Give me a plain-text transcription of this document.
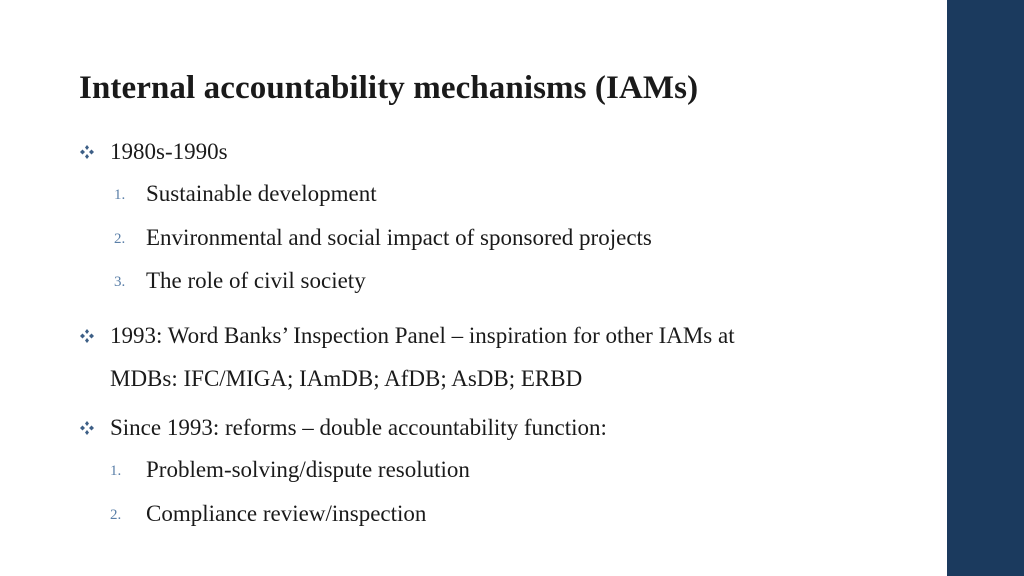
Internal accountability mechanisms (IAMs)
1980s-1990s
1. Sustainable development
2. Environmental and social impact of sponsored projects
3. The role of civil society
1993: Word Banks’ Inspection Panel – inspiration for other IAMs at
MDBs: IFC/MIGA; IAmDB; AfDB; AsDB; ERBD
Since 1993: reforms – double accountability function:
1. Problem-solving/dispute resolution
2. Compliance review/inspection
